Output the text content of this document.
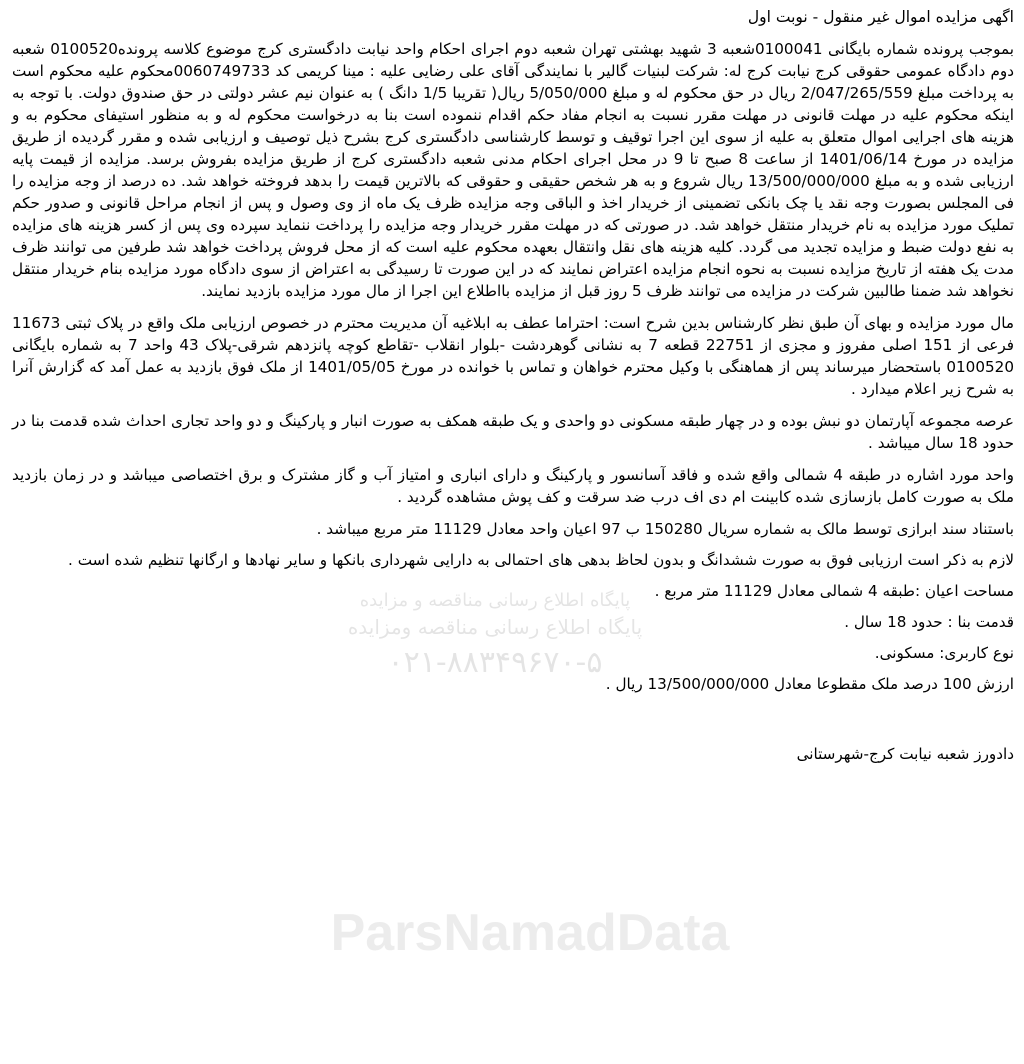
اگهی مزایده اموال غیر منقول - نوبت اول

بموجب پرونده شماره بایگانی 0100041شعبه 3 شهید بهشتی تهران شعبه دوم اجرای احکام واحد نیابت دادگستری کرج موضوع کلاسه پرونده0100520 شعبه دوم دادگاه عمومی حقوقی کرج نیابت کرج له: شرکت لبنیات گالیر با نمایندگی آقای علی رضایی علیه : مینا کریمی کد 0060749733محکوم علیه محکوم است به پرداخت مبلغ 2/047/265/559 ریال در حق محکوم له و مبلغ 5/050/000 ریال( تقریبا 1/5 دانگ ) به عنوان نیم عشر دولتی در حق صندوق دولت. با توجه به اینکه محکوم علیه در مهلت قانونی در مهلت مقرر نسبت به انجام مفاد حکم اقدام ننموده است بنا به درخواست محکوم له و به منظور استیفای محکوم به و هزینه های اجرایی اموال متعلق به علیه از سوی این اجرا توقیف و توسط کارشناسی دادگستری کرج بشرح ذیل توصیف و ارزیابی شده و مقرر گردیده از طریق مزایده در مورخ 1401/06/14 از ساعت 8 صبح تا 9 در محل اجرای احکام مدنی شعبه دادگستری کرج از طریق مزایده بفروش برسد. مزایده از قیمت پایه ارزیابی شده و به مبلغ 13/500/000/000 ریال شروع و به هر شخص حقیقی و حقوقی که بالاترین قیمت را بدهد فروخته خواهد شد. ده درصد از وجه مزایده را فی المجلس بصورت وجه نقد یا چک بانکی تضمینی از خریدار اخذ و الباقی وجه مزایده ظرف یک ماه از وی وصول و پس از انجام مراحل قانونی و صدور حکم تملیک مورد مزایده به نام خریدار منتقل خواهد شد. در صورتی که در مهلت مقرر خریدار وجه مزایده را پرداخت ننماید سپرده وی پس از کسر هزینه های مزایده به نفع دولت ضبط و مزایده تجدید می گردد. کلیه هزینه های نقل وانتقال بعهده محکوم علیه است که از محل فروش پرداخت خواهد شد طرفین می توانند ظرف مدت یک هفته از تاریخ مزایده نسبت به نحوه انجام مزایده اعتراض نمایند که در این صورت تا رسیدگی به اعتراض از سوی دادگاه مورد مزایده بنام خریدار منتقل نخواهد شد ضمنا طالبین شرکت در مزایده می توانند ظرف 5 روز قبل از مزایده بااطلاع این اجرا از مال مورد مزایده بازدید نمایند.

مال مورد مزایده و بهای آن طبق نظر کارشناس بدین شرح است: احتراما عطف به ابلاغیه آن مدیریت محترم در خصوص ارزیابی ملک واقع در پلاک ثبتی 11673 فرعی از 151 اصلی مفروز و مجزی از 22751 قطعه 7 به نشانی گوهردشت -بلوار انقلاب -تقاطع کوچه پانزدهم شرقی-پلاک 43 واحد 7 به شماره بایگانی 0100520 باستحضار میرساند پس از هماهنگی با وکیل محترم خواهان و تماس با خوانده در مورخ 1401/05/05 از ملک فوق بازدید به عمل آمد که گزارش آنرا به شرح زیر اعلام میدارد .

عرصه مجموعه آپارتمان دو نبش بوده و در چهار طبقه مسکونی دو واحدی و یک طبقه همکف به صورت انبار و پارکینگ و دو واحد تجاری احداث شده قدمت بنا در حدود 18 سال میباشد .

واحد مورد اشاره در طبقه 4 شمالی واقع شده و فاقد آسانسور و پارکینگ و دارای انباری و امتیاز آب و گاز مشترک و برق اختصاصی میباشد و در زمان بازدید ملک به صورت کامل بازسازی شده کابینت ام دی اف درب ضد سرقت و کف پوش مشاهده گردید .

باستناد سند ابرازی توسط مالک به شماره سریال 150280 ب 97 اعیان واحد معادل 11129 متر مربع میباشد .
لازم به ذکر است ارزیابی فوق به صورت ششدانگ و بدون لحاظ بدهی های احتمالی به دارایی شهرداری بانکها و سایر نهادها و ارگانها تنظیم شده است .
مساحت اعیان :طبقه 4 شمالی معادل 11129 متر مربع .
قدمت بنا : حدود 18 سال .
نوع کاربری: مسکونی.
ارزش 100 درصد ملک مقطوعا معادل 13/500/000/000 ریال .
دادورز شعبه نیابت کرج-شهرستانی
پایگاه اطلاع رسانی مناقصه و مزایده
پایگاه اطلاع رسانی مناقصه ومزایده
۰۲۱-۸۸۳۴۹۶۷۰-۵
ParsNamadData
